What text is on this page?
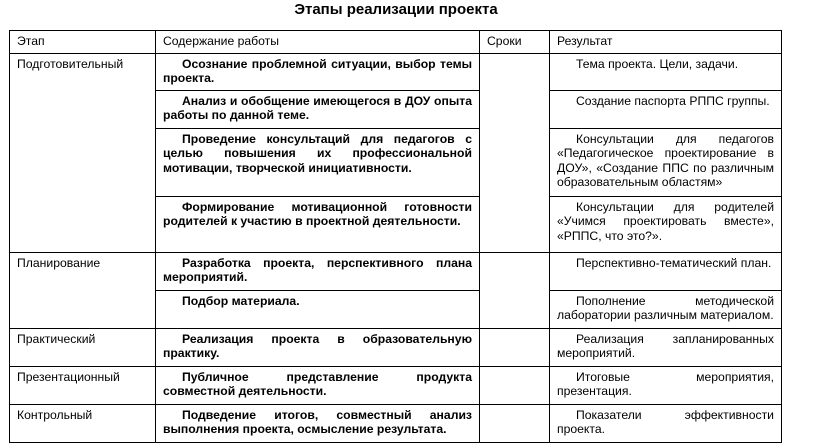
Этапы реализации проекта
Этап	Содержание работы	Сроки	Результат
Подготовительный	Осознание проблемной ситуации, выбор темы проекта.		Тема проекта. Цели, задачи.
	Анализ и обобщение имеющегося в ДОУ опыта работы по данной теме.		Создание паспорта РППС группы.
	Проведение консультаций для педагогов с целью повышения их профессиональной мотивации, творческой инициативности.		Консультации для педагогов «Педагогическое проектирование в ДОУ», «Создание ППС по различным образовательным областям»
	Формирование мотивационной готовности родителей к участию в проектной деятельности.		Консультации для родителей «Учимся проектировать вместе», «РППС, что это?».
Планирование	Разработка проекта, перспективного плана мероприятий.		Перспективно-тематический план.
	Подбор материала.		Пополнение методической лаборатории различным материалом.
Практический	Реализация проекта в образовательную практику.		Реализация запланированных мероприятий.
Презентационный	Публичное представление продукта совместной деятельности.		Итоговые мероприятия, презентация.
Контрольный	Подведение итогов, совместный анализ выполнения проекта, осмысление результата.		Показатели эффективности проекта.
